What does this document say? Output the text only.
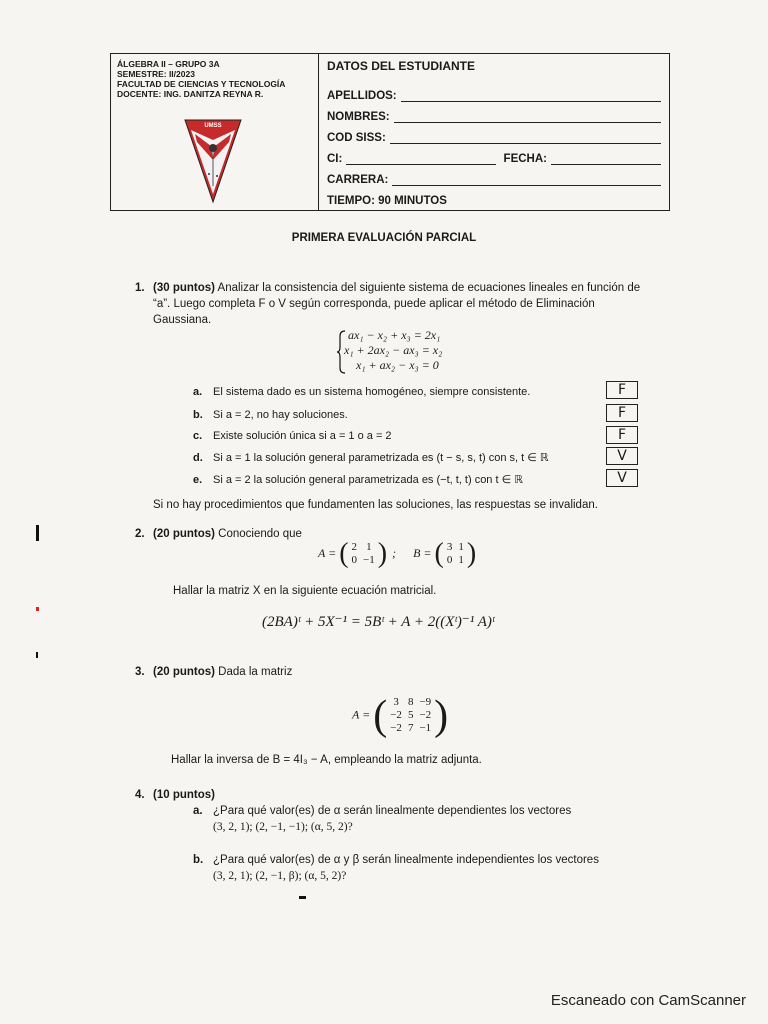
ÁLGEBRA II – GRUPO 3A
SEMESTRE: II/2023
FACULTAD DE CIENCIAS Y TECNOLOGÍA
DOCENTE: ING. DANITZA REYNA R.
UMSS
DATOS DEL ESTUDIANTE
APELLIDOS:
NOMBRES:
COD SISS:
CI:	FECHA:
CARRERA:
TIEMPO: 90 MINUTOS
PRIMERA EVALUACIÓN PARCIAL
1. (30 puntos) Analizar la consistencia del siguiente sistema de ecuaciones lineales en función de “a”. Luego completa F o V según corresponda, puede aplicar el método de Eliminación Gaussiana.
ax₁ − x₂ + x₃ = 2x₁
x₁ + 2ax₂ − ax₃ = x₂
x₁ + ax₂ − x₃ = 0
a. El sistema dado es un sistema homogéneo, siempre consistente.	F
b. Si a = 2, no hay soluciones.	F
c. Existe solución única si a = 1 o a = 2	F
d. Si a = 1 la solución general parametrizada es (t − s, s, t) con s, t ∈ ℝ	V
e. Si a = 2 la solución general parametrizada es (−t, t, t) con t ∈ ℝ	V
Si no hay procedimientos que fundamenten las soluciones, las respuestas se invalidan.
2. (20 puntos) Conociendo que
A = ( 2	1
0	−1 ) ; B = ( 3	1
0	1 )
Hallar la matriz X en la siguiente ecuación matricial.
(2BA)ᵗ + 5X⁻¹ = 5Bᵗ + A + 2((Xᵗ)⁻¹ A)ᵗ
3. (20 puntos) Dada la matriz
A = ( 3	8	−9
−2	5	−2
−2	7	−1 )
Hallar la inversa de B = 4I₃ − A, empleando la matriz adjunta.
4. (10 puntos)
a. ¿Para qué valor(es) de α serán linealmente dependientes los vectores
(3, 2, 1); (2, −1, −1); (α, 5, 2)?
b. ¿Para qué valor(es) de α y β serán linealmente independientes los vectores
(3, 2, 1); (2, −1, β); (α, 5, 2)?
Escaneado con CamScanner
